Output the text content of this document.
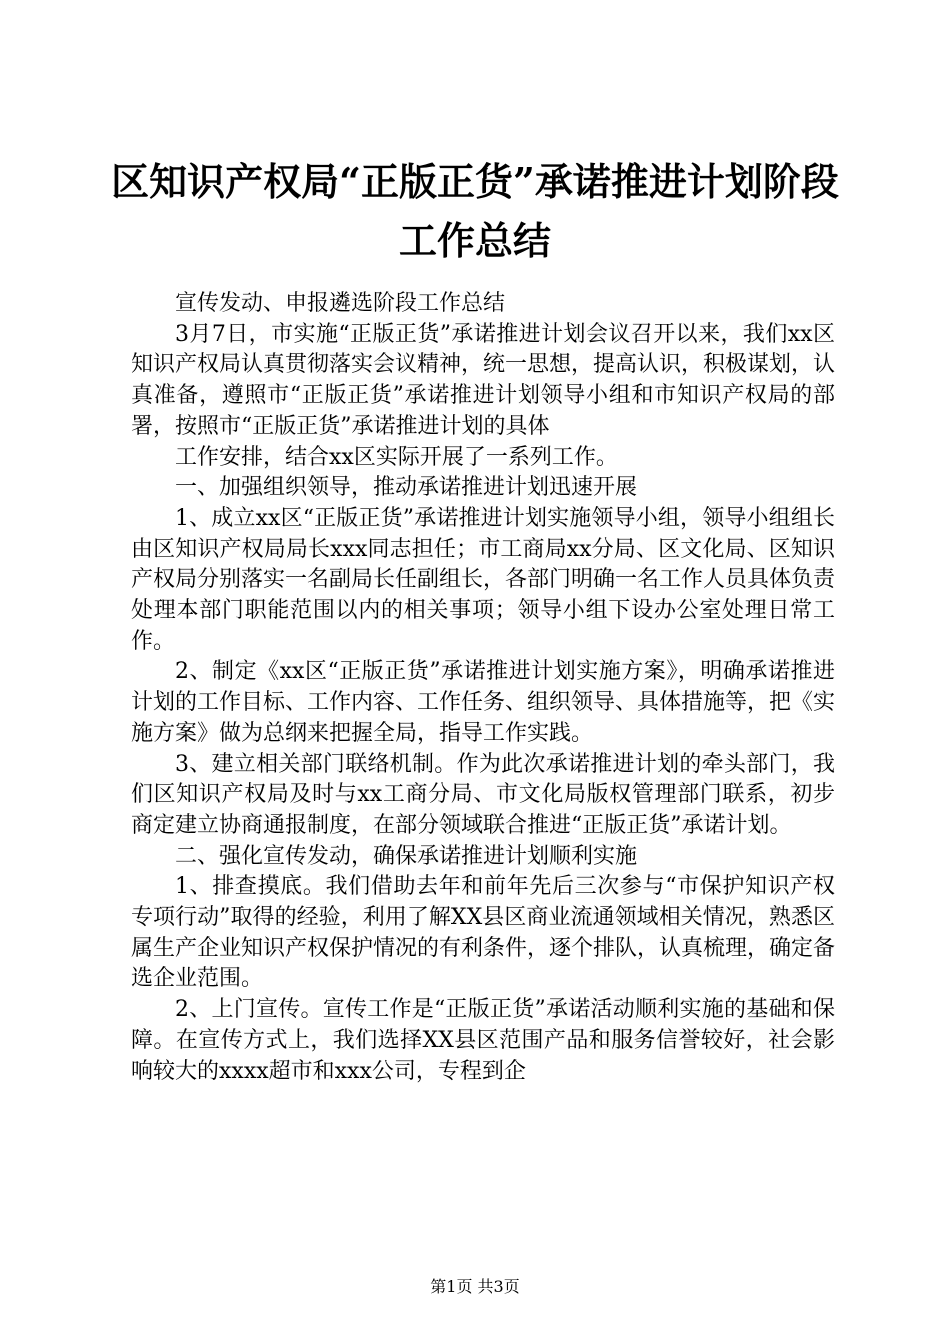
区知识产权局“正版正货”承诺推进计划阶段
工作总结

宣传发动、申报遴选阶段工作总结

3月7日，市实施“正版正货”承诺推进计划会议召开以来，我们xx区知识产权局认真贯彻落实会议精神，统一思想，提高认识，积极谋划，认真准备，遵照市“正版正货”承诺推进计划领导小组和市知识产权局的部署，按照市“正版正货”承诺推进计划的具体

工作安排，结合xx区实际开展了一系列工作。

一、加强组织领导，推动承诺推进计划迅速开展

1、成立xx区“正版正货”承诺推进计划实施领导小组，领导小组组长由区知识产权局局长xxx同志担任；市工商局xx分局、区文化局、区知识产权局分别落实一名副局长任副组长，各部门明确一名工作人员具体负责处理本部门职能范围以内的相关事项；领导小组下设办公室处理日常工作。

2、制定《xx区“正版正货”承诺推进计划实施方案》，明确承诺推进计划的工作目标、工作内容、工作任务、组织领导、具体措施等，把《实施方案》做为总纲来把握全局，指导工作实践。

3、建立相关部门联络机制。作为此次承诺推进计划的牵头部门，我们区知识产权局及时与xx工商分局、市文化局版权管理部门联系，初步商定建立协商通报制度，在部分领域联合推进“正版正货”承诺计划。

二、强化宣传发动，确保承诺推进计划顺利实施

1、排查摸底。我们借助去年和前年先后三次参与“市保护知识产权专项行动”取得的经验，利用了解XX县区商业流通领域相关情况，熟悉区属生产企业知识产权保护情况的有利条件，逐个排队，认真梳理，确定备选企业范围。

2、上门宣传。宣传工作是“正版正货”承诺活动顺利实施的基础和保障。在宣传方式上，我们选择XX县区范围产品和服务信誉较好，社会影响较大的xxxx超市和xxx公司，专程到企

第1页 共3页
